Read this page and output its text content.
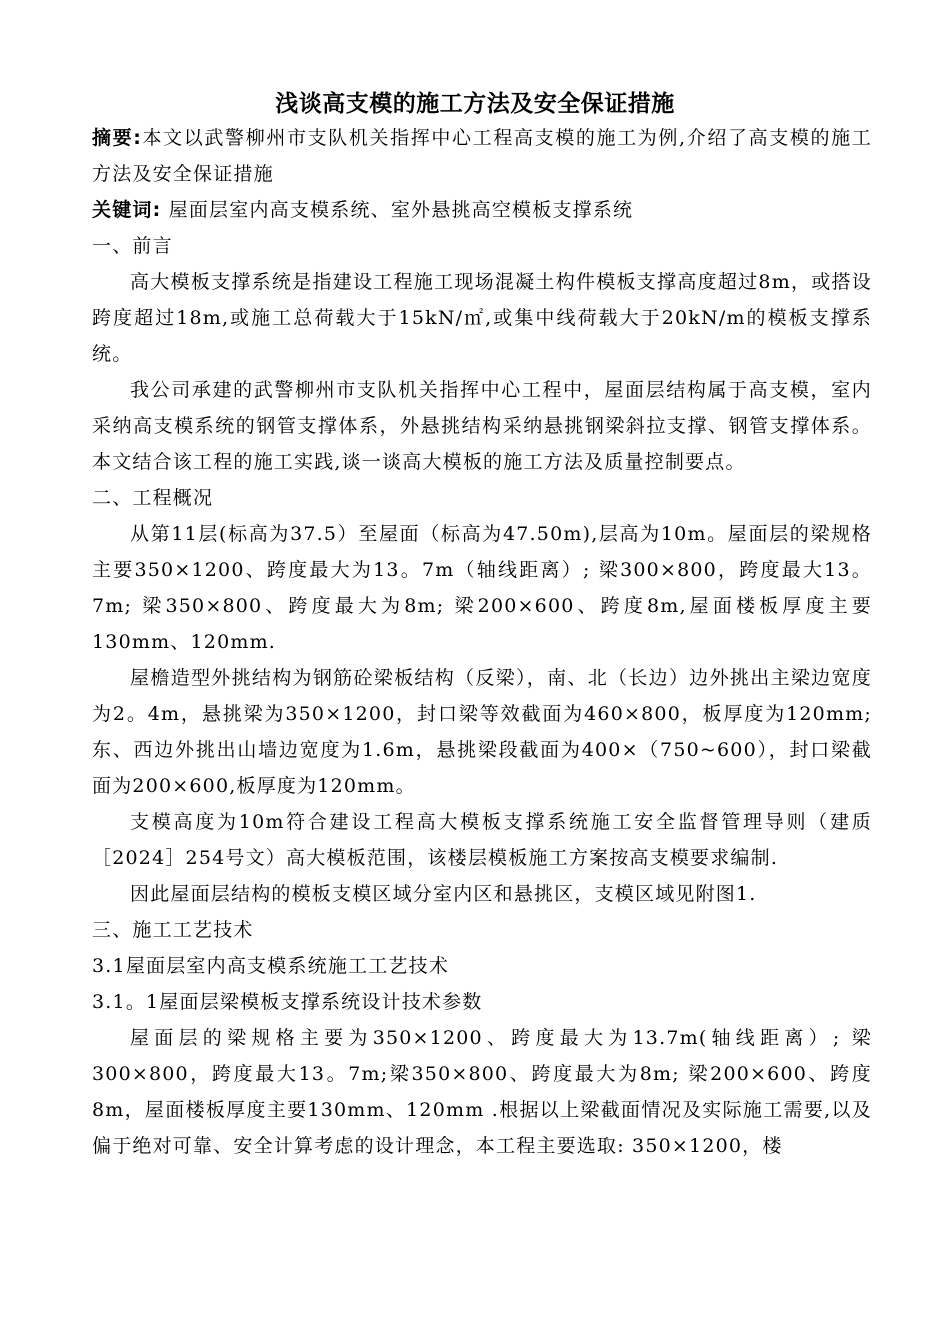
浅谈高支模的施工方法及安全保证措施

摘要:本文以武警柳州市支队机关指挥中心工程高支模的施工为例,介绍了高支模的施工方法及安全保证措施

关键词: 屋面层室内高支模系统、室外悬挑高空模板支撑系统

一、前言

高大模板支撑系统是指建设工程施工现场混凝土构件模板支撑高度超过8m，或搭设跨度超过18m,或施工总荷载大于15kN/㎡,或集中线荷载大于20kN/m的模板支撑系统。

我公司承建的武警柳州市支队机关指挥中心工程中，屋面层结构属于高支模，室内采纳高支模系统的钢管支撑体系，外悬挑结构采纳悬挑钢梁斜拉支撑、钢管支撑体系。本文结合该工程的施工实践,谈一谈高大模板的施工方法及质量控制要点。

二、工程概况

从第11层(标高为37.5）至屋面（标高为47.50m),层高为10m。屋面层的梁规格主要350×1200、跨度最大为13。7m（轴线距离）; 梁300×800，跨度最大13。7m; 梁350×800、跨度最大为8m; 梁200×600、跨度8m,屋面楼板厚度主要130mm、120mm.

屋檐造型外挑结构为钢筋砼梁板结构（反梁），南、北（长边）边外挑出主梁边宽度为2。4m，悬挑梁为350×1200，封口梁等效截面为460×800，板厚度为120mm;东、西边外挑出山墙边宽度为1.6m，悬挑梁段截面为400×（750~600），封口梁截面为200×600,板厚度为120mm。

支模高度为10m符合建设工程高大模板支撑系统施工安全监督管理导则（建质［2024］254号文）高大模板范围，该楼层模板施工方案按高支模要求编制.

因此屋面层结构的模板支模区域分室内区和悬挑区，支模区域见附图1.

三、施工工艺技术

3.1屋面层室内高支模系统施工工艺技术

3.1。1屋面层梁模板支撑系统设计技术参数

屋面层的梁规格主要为350×1200、跨度最大为13.7m(轴线距离）; 梁300×800，跨度最大13。7m;梁350×800、跨度最大为8m; 梁200×600、跨度8m，屋面楼板厚度主要130mm、120mm .根据以上梁截面情况及实际施工需要,以及偏于绝对可靠、安全计算考虑的设计理念，本工程主要选取: 350×1200，楼
